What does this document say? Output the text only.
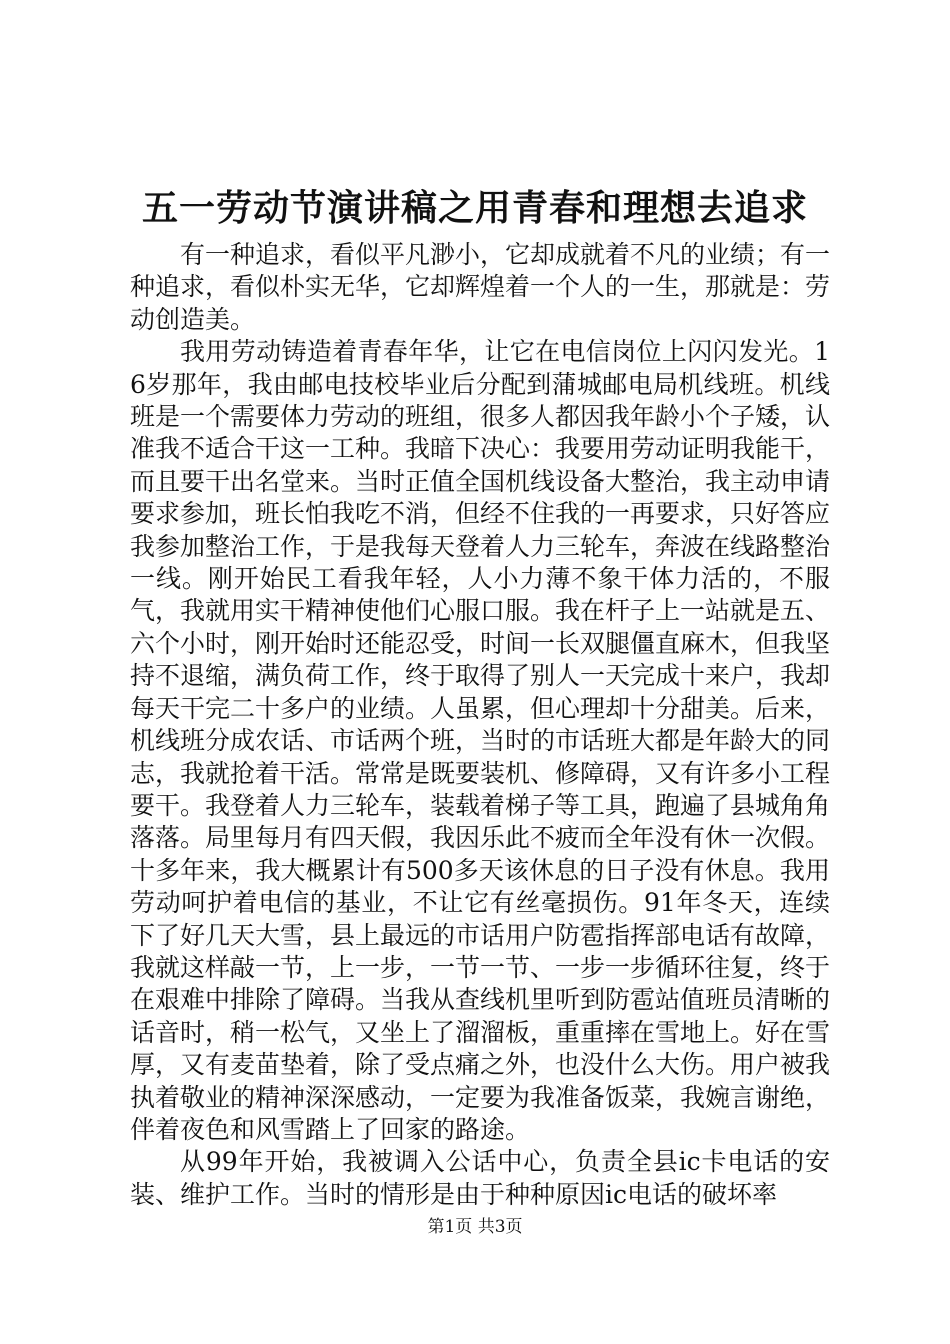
五一劳动节演讲稿之用青春和理想去追求

有一种追求，看似平凡渺小，它却成就着不凡的业绩；有一种追求，看似朴实无华，它却辉煌着一个人的一生，那就是：劳动创造美。

我用劳动铸造着青春年华，让它在电信岗位上闪闪发光。16岁那年，我由邮电技校毕业后分配到蒲城邮电局机线班。机线班是一个需要体力劳动的班组，很多人都因我年龄小个子矮，认准我不适合干这一工种。我暗下决心：我要用劳动证明我能干，而且要干出名堂来。当时正值全国机线设备大整治，我主动申请要求参加，班长怕我吃不消，但经不住我的一再要求，只好答应我参加整治工作，于是我每天登着人力三轮车，奔波在线路整治一线。刚开始民工看我年轻，人小力薄不象干体力活的，不服气，我就用实干精神使他们心服口服。我在杆子上一站就是五、六个小时，刚开始时还能忍受，时间一长双腿僵直麻木，但我坚持不退缩，满负荷工作，终于取得了别人一天完成十来户，我却每天干完二十多户的业绩。人虽累，但心理却十分甜美。后来，机线班分成农话、市话两个班，当时的市话班大都是年龄大的同志，我就抢着干活。常常是既要装机、修障碍，又有许多小工程要干。我登着人力三轮车，装载着梯子等工具，跑遍了县城角角落落。局里每月有四天假，我因乐此不疲而全年没有休一次假。十多年来，我大概累计有500多天该休息的日子没有休息。我用劳动呵护着电信的基业，不让它有丝毫损伤。91年冬天，连续下了好几天大雪，县上最远的市话用户防雹指挥部电话有故障，我就这样敲一节，上一步，一节一节、一步一步循环往复，终于在艰难中排除了障碍。当我从查线机里听到防雹站值班员清晰的话音时，稍一松气，又坐上了溜溜板，重重摔在雪地上。好在雪厚，又有麦苗垫着，除了受点痛之外，也没什么大伤。用户被我执着敬业的精神深深感动，一定要为我准备饭菜，我婉言谢绝，伴着夜色和风雪踏上了回家的路途。

从99年开始，我被调入公话中心，负责全县ic卡电话的安装、维护工作。当时的情形是由于种种原因ic电话的破坏率

第1页 共3页
